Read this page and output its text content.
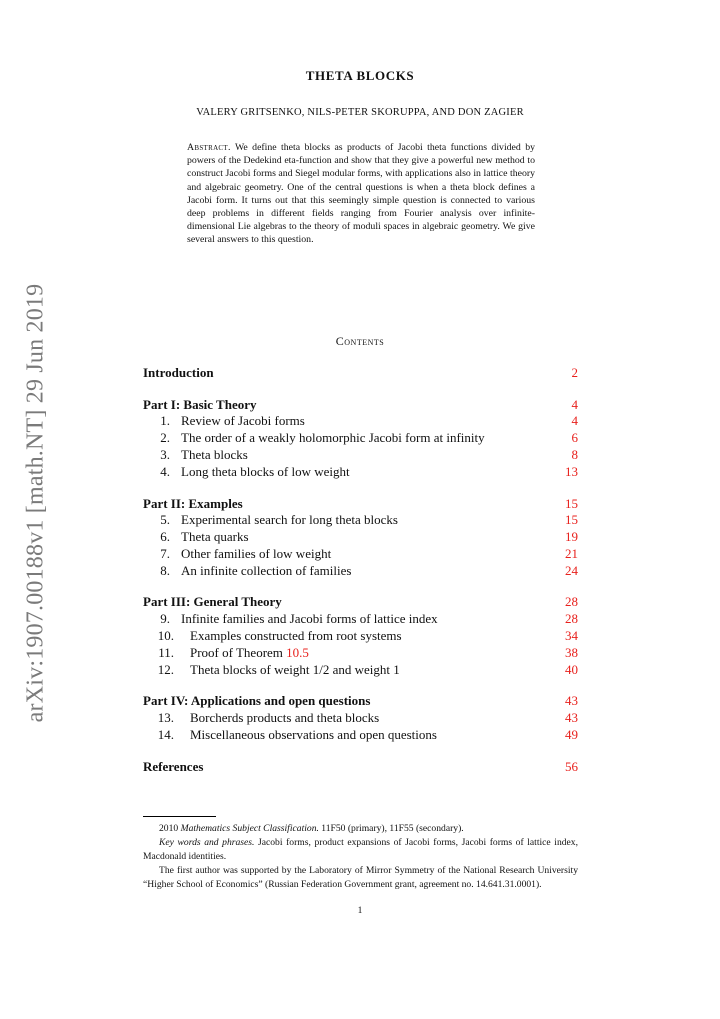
arXiv:1907.00188v1 [math.NT] 29 Jun 2019
THETA BLOCKS
VALERY GRITSENKO, NILS-PETER SKORUPPA, AND DON ZAGIER
Abstract. We define theta blocks as products of Jacobi theta functions divided by powers of the Dedekind eta-function and show that they give a powerful new method to construct Jacobi forms and Siegel modular forms, with applications also in lattice theory and algebraic geometry. One of the central questions is when a theta block defines a Jacobi form. It turns out that this seemingly simple question is connected to various deep problems in different fields ranging from Fourier analysis over infinite-dimensional Lie algebras to the theory of moduli spaces in algebraic geometry. We give several answers to this question.
Contents
Introduction	2
Part I: Basic Theory	4
1. Review of Jacobi forms	4
2. The order of a weakly holomorphic Jacobi form at infinity	6
3. Theta blocks	8
4. Long theta blocks of low weight	13
Part II: Examples	15
5. Experimental search for long theta blocks	15
6. Theta quarks	19
7. Other families of low weight	21
8. An infinite collection of families	24
Part III: General Theory	28
9. Infinite families and Jacobi forms of lattice index	28
10. Examples constructed from root systems	34
11. Proof of Theorem 10.5	38
12. Theta blocks of weight 1/2 and weight 1	40
Part IV: Applications and open questions	43
13. Borcherds products and theta blocks	43
14. Miscellaneous observations and open questions	49
References	56

2010 Mathematics Subject Classification. 11F50 (primary), 11F55 (secondary).

Key words and phrases. Jacobi forms, product expansions of Jacobi forms, Jacobi forms of lattice index, Macdonald identities.

The first author was supported by the Laboratory of Mirror Symmetry of the National Research University “Higher School of Economics” (Russian Federation Government grant, agreement no. 14.641.31.0001).

1
